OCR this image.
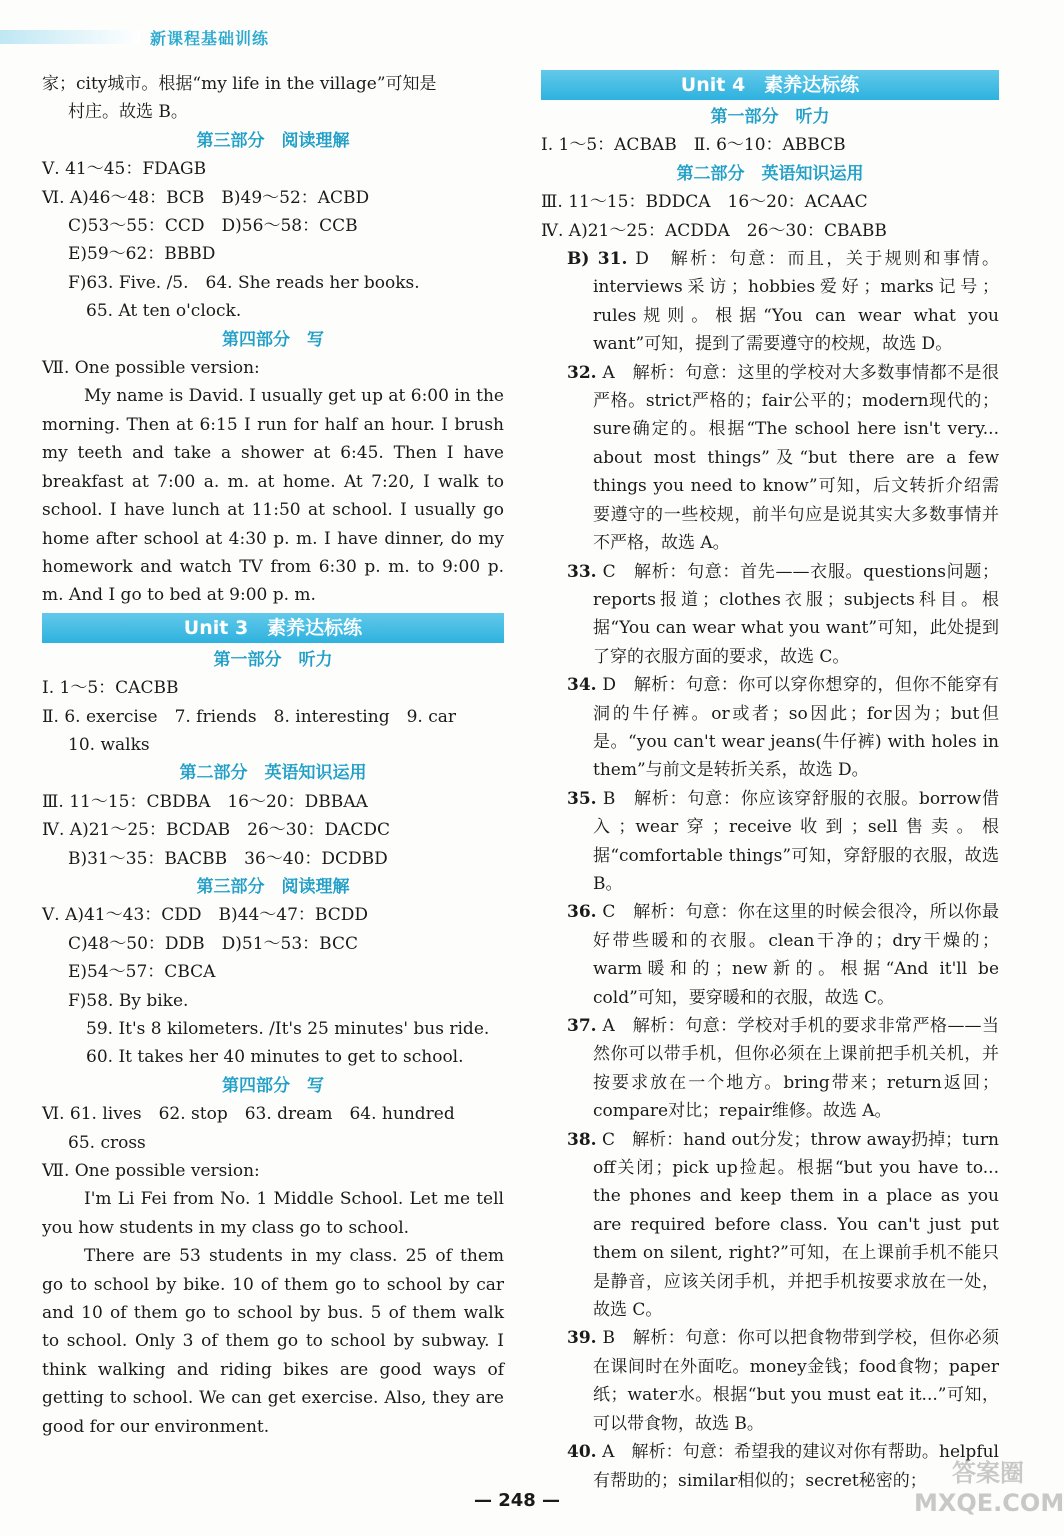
新课程基础训练
家；city城市。根据“my life in the village”可知是
村庄。故选 B。
第三部分　阅读理解
Ⅴ. 41～45：FDAGB
Ⅵ. A)46～48：BCB　B)49～52：ACBD
C)53～55：CCD　D)56～58：CCB
E)59～62：BBBD
F)63. Five. /5.　64. She reads her books.
65. At ten o'clock.
第四部分　写
Ⅶ. One possible version:
My name is David. I usually get up at 6:00 in the morning. Then at 6:15 I run for half an hour. I brush my teeth and take a shower at 6:45. Then I have breakfast at 7:00 a. m. at home. At 7:20, I walk to school. I have lunch at 11:50 at school. I usually go home after school at 4:30 p. m. I have dinner, do my homework and watch TV from 6:30 p. m. to 9:00 p. m. And I go to bed at 9:00 p. m.
Unit 3　素养达标练
第一部分　听力
Ⅰ. 1～5：CACBB
Ⅱ. 6. exercise　7. friends　8. interesting　9. car
10. walks
第二部分　英语知识运用
Ⅲ. 11～15：CBDBA　16～20：DBBAA
Ⅳ. A)21～25：BCDAB　26～30：DACDC
B)31～35：BACBB　36～40：DCDBD
第三部分　阅读理解
Ⅴ. A)41～43：CDD　B)44～47：BCDD
C)48～50：DDB　D)51～53：BCC
E)54～57：CBCA
F)58. By bike.
59. It's 8 kilometers. /It's 25 minutes' bus ride.
60. It takes her 40 minutes to get to school.
第四部分　写
Ⅵ. 61. lives　62. stop　63. dream　64. hundred
65. cross
Ⅶ. One possible version:
I'm Li Fei from No. 1 Middle School. Let me tell you how students in my class go to school.
There are 53 students in my class. 25 of them go to school by bike. 10 of them go to school by car and 10 of them go to school by bus. 5 of them walk to school. Only 3 of them go to school by subway. I think walking and riding bikes are good ways of getting to school. We can get exercise. Also, they are good for our environment.
Unit 4　素养达标练
第一部分　听力
Ⅰ. 1～5：ACBAB　Ⅱ. 6～10：ABBCB
第二部分　英语知识运用
Ⅲ. 11～15：BDDCA　16～20：ACAAC
Ⅳ. A)21～25：ACDDA　26～30：CBABB
B) 31. D　解析：句意：而且，关于规则和事情。interviews采访；hobbies爱好；marks记号；rules规则。根据“You can wear what you want”可知，提到了需要遵守的校规，故选 D。
32. A　解析：句意：这里的学校对大多数事情都不是很严格。strict严格的；fair公平的；modern现代的；sure确定的。根据“The school here isn't very... about most things”及“but there are a few things you need to know”可知，后文转折介绍需要遵守的一些校规，前半句应是说其实大多数事情并不严格，故选 A。
33. C　解析：句意：首先——衣服。questions问题；reports报道；clothes衣服；subjects科目。根据“You can wear what you want”可知，此处提到了穿的衣服方面的要求，故选 C。
34. D　解析：句意：你可以穿你想穿的，但你不能穿有洞的牛仔裤。or或者；so因此；for因为；but但是。“you can't wear jeans(牛仔裤) with holes in them”与前文是转折关系，故选 D。
35. B　解析：句意：你应该穿舒服的衣服。borrow借入；wear穿；receive收到；sell售卖。根据“comfortable things”可知，穿舒服的衣服，故选 B。
36. C　解析：句意：你在这里的时候会很冷，所以你最好带些暖和的衣服。clean干净的；dry干燥的；warm暖和的；new新的。根据“And it'll be cold”可知，要穿暖和的衣服，故选 C。
37. A　解析：句意：学校对手机的要求非常严格——当然你可以带手机，但你必须在上课前把手机关机，并按要求放在一个地方。bring带来；return返回；compare对比；repair维修。故选 A。
38. C　解析：hand out分发；throw away扔掉；turn off关闭；pick up捡起。根据“but you have to... the phones and keep them in a place as you are required before class. You can't just put them on silent, right?”可知，在上课前手机不能只是静音，应该关闭手机，并把手机按要求放在一处，故选 C。
39. B　解析：句意：你可以把食物带到学校，但你必须在课间时在外面吃。money金钱；food食物；paper纸；water水。根据“but you must eat it...”可知，可以带食物，故选 B。
40. A　解析：句意：希望我的建议对你有帮助。helpful有帮助的；similar相似的；secret秘密的；
— 248 —
答案圈 MXQE.COM
